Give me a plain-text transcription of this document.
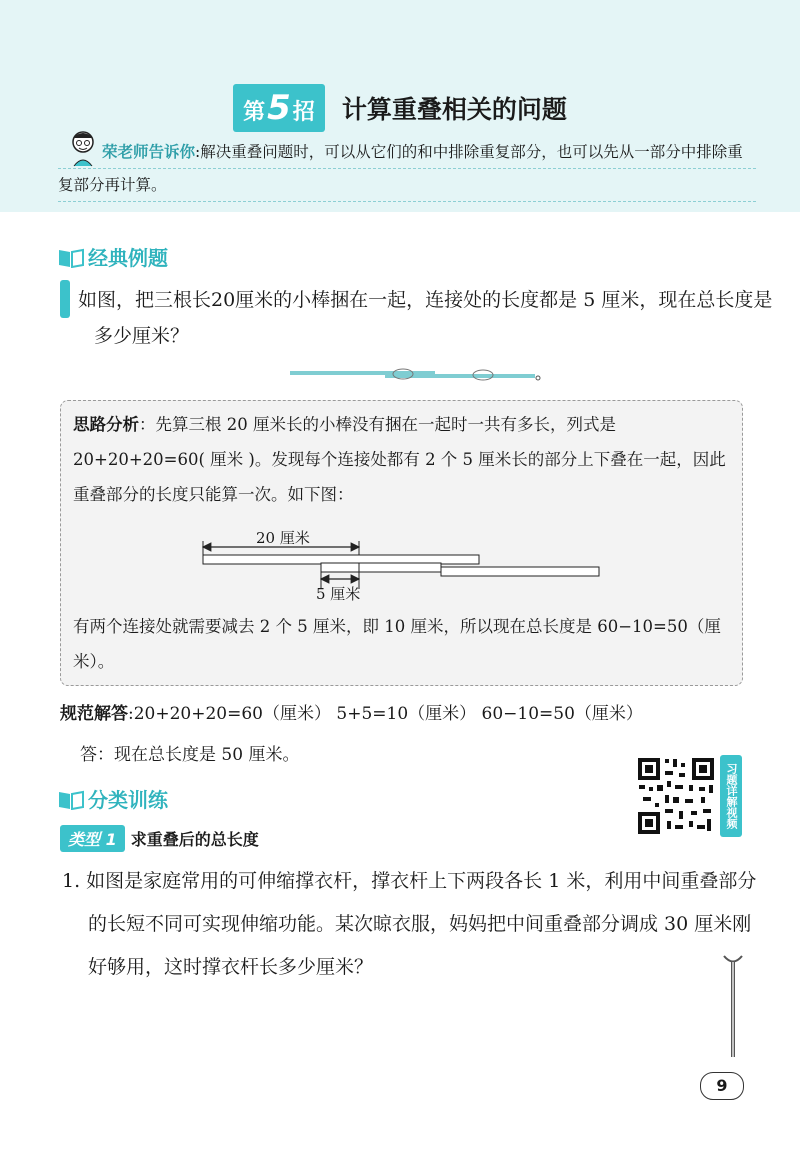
第5招 计算重叠相关的问题
荣老师告诉你:解决重叠问题时，可以从它们的和中排除重复部分，也可以先从一部分中排除重复部分再计算。
经典例题
例 如图，把三根长20厘米的小棒捆在一起，连接处的长度都是 5 厘米，现在总长度是多少厘米？
思路分析：先算三根 20 厘米长的小棒没有捆在一起时一共有多长，列式是 20+20+20=60( 厘米 )。发现每个连接处都有 2 个 5 厘米长的部分上下叠在一起，因此重叠部分的长度只能算一次。如下图：
20 厘米
5 厘米
有两个连接处就需要减去 2 个 5 厘米，即 10 厘米，所以现在总长度是 60−10=50（厘米）。
规范解答:20+20+20=60（厘米） 5+5=10（厘米） 60−10=50（厘米）
答：现在总长度是 50 厘米。
分类训练	习题详解视频
类型 1 求重叠后的总长度
1. 如图是家庭常用的可伸缩撑衣杆，撑衣杆上下两段各长 1 米，利用中间重叠部分的长短不同可实现伸缩功能。某次晾衣服，妈妈把中间重叠部分调成 30 厘米刚好够用，这时撑衣杆长多少厘米？
9
